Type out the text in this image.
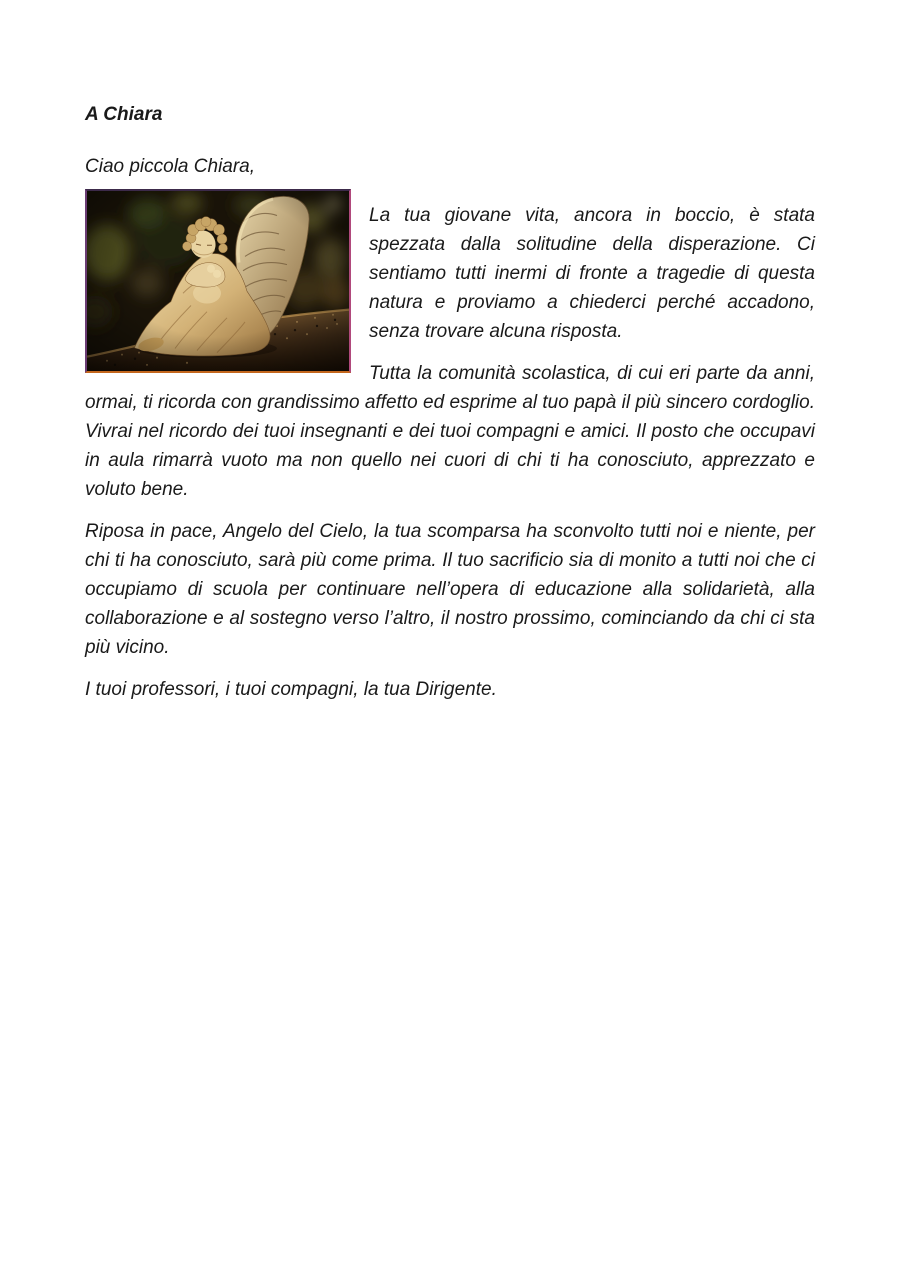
A Chiara

Ciao piccola Chiara,

La tua giovane vita, ancora in boccio, è stata spezzata dalla solitudine della disperazione. Ci sentiamo tutti inermi di fronte a tragedie di questa natura e proviamo a chiederci perché accadono, senza trovare alcuna risposta.

Tutta la comunità scolastica, di cui eri parte da anni, ormai, ti ricorda con grandissimo affetto ed esprime al tuo papà il più sincero cordoglio. Vivrai nel ricordo dei tuoi insegnanti e dei tuoi compagni e amici. Il posto che occupavi in aula rimarrà vuoto ma non quello nei cuori di chi ti ha conosciuto, apprezzato e voluto bene.

Riposa in pace, Angelo del Cielo, la tua scomparsa ha sconvolto tutti noi e niente, per chi ti ha conosciuto, sarà più come prima. Il tuo sacrificio sia di monito a tutti noi che ci occupiamo di scuola per continuare nell’opera di educazione alla solidarietà, alla collaborazione e al sostegno verso l’altro, il nostro prossimo, cominciando da chi ci sta più vicino.

I tuoi professori, i tuoi compagni, la tua Dirigente.
